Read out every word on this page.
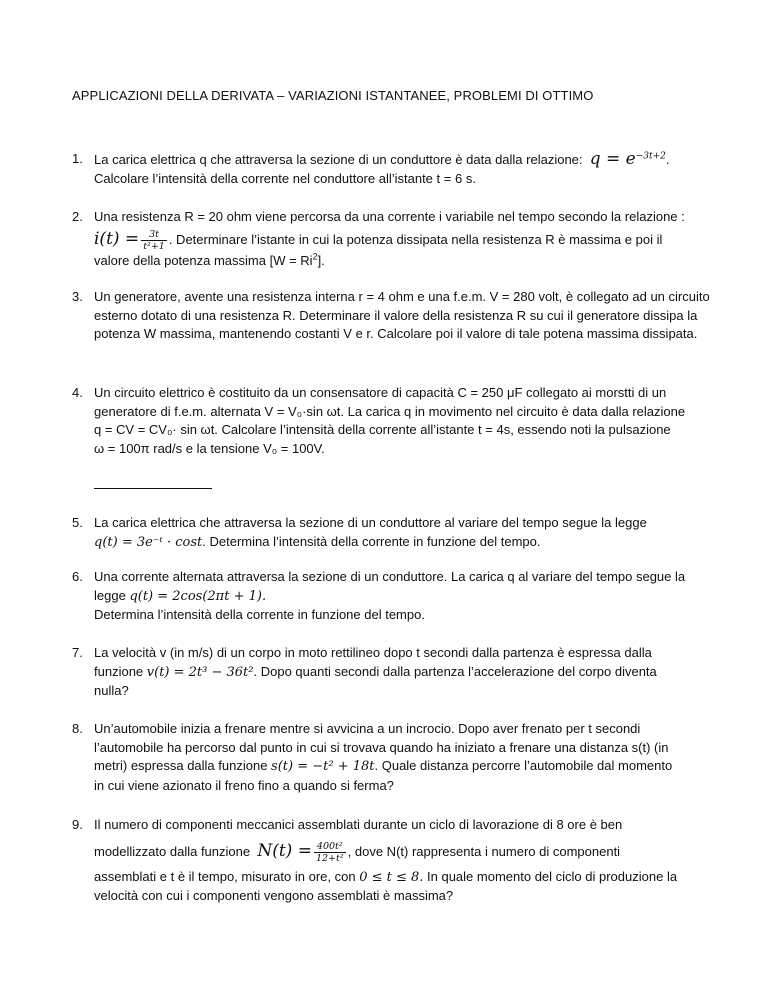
APPLICAZIONI DELLA DERIVATA – VARIAZIONI ISTANTANEE, PROBLEMI DI OTTIMO
1. La carica elettrica q che attraversa la sezione di un conduttore è data dalla relazione: $q = e^{-3t+2}$.
Calcolare l’intensità della corrente nel conduttore all’istante t = 6 s.
2. Una resistenza R = 20 ohm viene percorsa da una corrente i variabile nel tempo secondo la relazione :
$i(t) = \frac{3t}{\text{t²+1}}$ . Determinare l’istante in cui la potenza dissipata nella resistenza R è massima e poi il
valore della potenza massima $[W = Ri^2]$.
3. Un generatore, avente una resistenza interna r = 4 ohm e una f.e.m. V = 280 volt, è collegato ad un circuito esterno dotato di una resistenza R. Determinare il valore della resistenza R su cui il generatore dissipa la potenza W massima, mantenendo costanti V e r. Calcolare poi il valore di tale potena massima dissipata.
4. Un circuito elettrico è costituito da un consensatore di capacità C = 250 μF collegato ai morstti di un
generatore di f.e.m. alternata V = V₀·sin ωt. La carica q in movimento nel circuito è data dalla relazione
q = CV = CV₀· sin ωt. Calcolare l’intensità della corrente all’istante t = 4s, essendo noti la pulsazione
ω = 100π rad/s e la tensione V₀ = 100V.
5. La carica elettrica che attraversa la sezione di un conduttore al variare del tempo segue la legge
q(t) = 3e⁻ᵗ · cost. Determina l’intensità della corrente in funzione del tempo.
6. Una corrente alternata attraversa la sezione di un conduttore. La carica q al variare del tempo segue la
legge q(t) = 2cos(2πt + 1).
Determina l’intensità della corrente in funzione del tempo.
7. La velocità v (in m/s) di un corpo in moto rettilineo dopo t secondi dalla partenza è espressa dalla
funzione v(t) = 2t³ − 36t². Dopo quanti secondi dalla partenza l’accelerazione del corpo diventa
nulla?
8. Un’automobile inizia a frenare mentre si avvicina a un incrocio. Dopo aver frenato per t secondi
l’automobile ha percorso dal punto in cui si trovava quando ha iniziato a frenare una distanza s(t) (in
metri) espressa dalla funzione s(t) = −t² + 18t. Quale distanza percorre l’automobile dal momento
in cui viene azionato il freno fino a quando si ferma?
9. Il numero di componenti meccanici assemblati durante un ciclo di lavorazione di 8 ore è ben
modellizzato dalla funzione $N(t) = \frac{\text{400t²}}{\text{12+t²}}$ , dove N(t) rappresenta i numero di componenti
assemblati e t è il tempo, misurato in ore, con 0 ≤ t ≤ 8. In quale momento del ciclo di produzione la
velocità con cui i componenti vengono assemblati è massima?
